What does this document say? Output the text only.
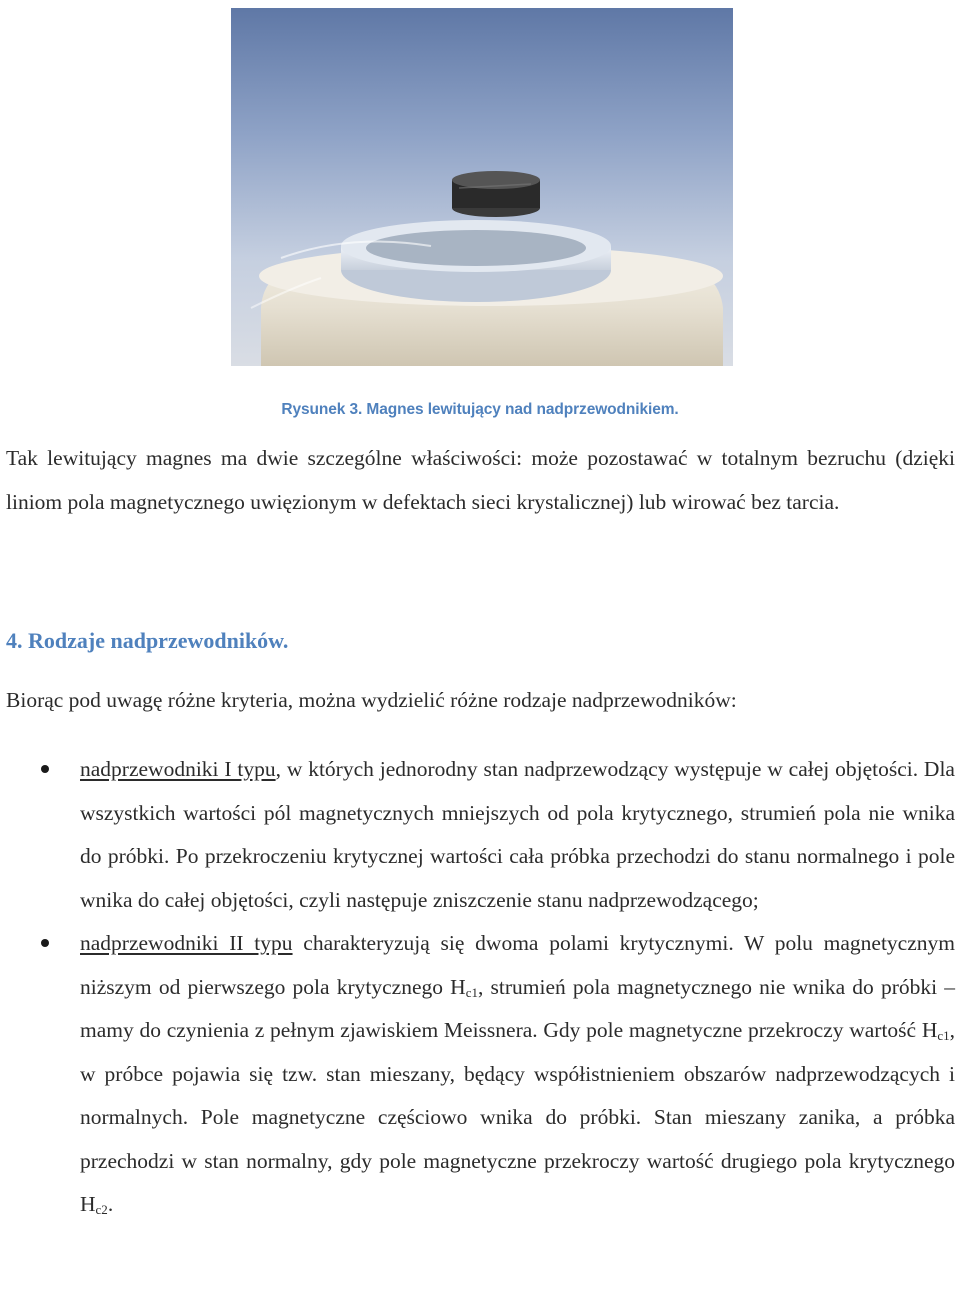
Rysunek 3. Magnes lewitujący nad nadprzewodnikiem.

Tak lewitujący magnes ma dwie szczególne właściwości: może pozostawać w totalnym bezruchu (dzięki liniom pola magnetycznego uwięzionym w defektach sieci krystalicznej) lub wirować bez tarcia.

4. Rodzaje nadprzewodników.

Biorąc pod uwagę różne kryteria, można wydzielić różne rodzaje nadprzewodników:

nadprzewodniki I typu, w których jednorodny stan nadprzewodzący występuje w całej objętości. Dla wszystkich wartości pól magnetycznych mniejszych od pola krytycznego, strumień pola nie wnika do próbki. Po przekroczeniu krytycznej wartości cała próbka przechodzi do stanu normalnego i pole wnika do całej objętości, czyli następuje zniszczenie stanu nadprzewodzącego;
nadprzewodniki II typu charakteryzują się dwoma polami krytycznymi. W polu magnetycznym niższym od pierwszego pola krytycznego $H_{c1}$, strumień pola magnetycznego nie wnika do próbki – mamy do czynienia z pełnym zjawiskiem Meissnera. Gdy pole magnetyczne przekroczy wartość $H_{c1}$, w próbce pojawia się tzw. stan mieszany, będący współistnieniem obszarów nadprzewodzących i normalnych. Pole magnetyczne częściowo wnika do próbki. Stan mieszany zanika, a próbka przechodzi w stan normalny, gdy pole magnetyczne przekroczy wartość drugiego pola krytycznego $H_{c2}$.
